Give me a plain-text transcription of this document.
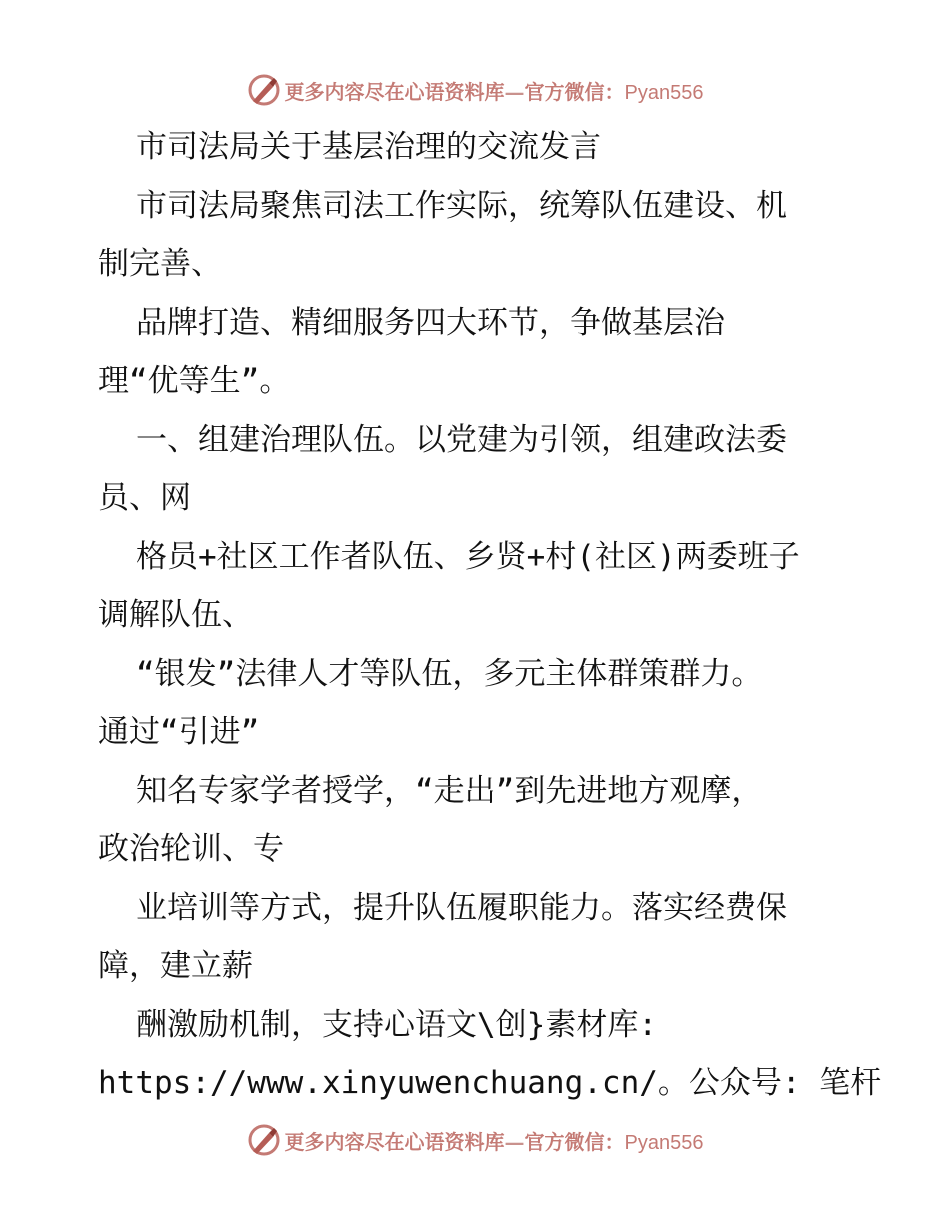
更多内容尽在心语资料库—官方微信：Pyan556
市司法局关于基层治理的交流发言
市司法局聚焦司法工作实际，统筹队伍建设、机
制完善、
品牌打造、精细服务四大环节，争做基层治
理“优等生”。
一、组建治理队伍。以党建为引领，组建政法委
员、网
格员+社区工作者队伍、乡贤+村(社区)两委班子
调解队伍、
“银发”法律人才等队伍，多元主体群策群力。
通过“引进”
知名专家学者授学，“走出”到先进地方观摩，
政治轮训、专
业培训等方式，提升队伍履职能力。落实经费保
障，建立薪
酬激励机制，支持心语文\创}素材库:
https://www.xinyuwenchuang.cn/。公众号: 笔杆
更多内容尽在心语资料库—官方微信：Pyan556
